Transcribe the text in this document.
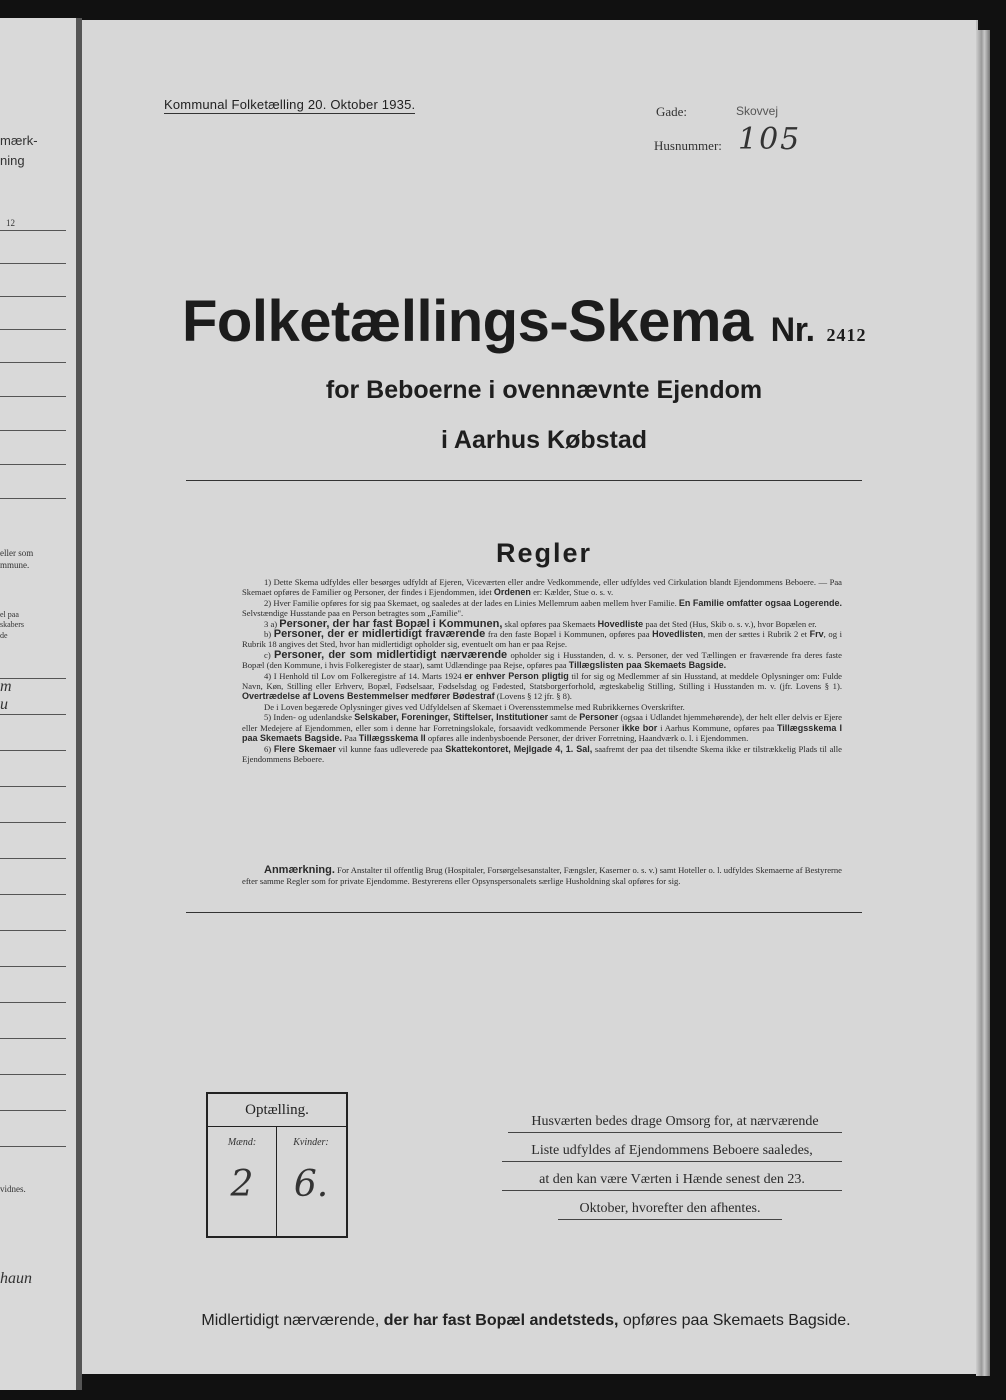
mærk-
ning
12
eller som
mmune.
el paa
skabers
de
m
u
vidnes.
haun
Kommunal Folketælling 20. Oktober 1935.	Gade:	Skovvej
Husnummer: 105
Folketællings-Skema Nr. 2412
for Beboerne i ovennævnte Ejendom
i Aarhus Købstad
Regler

1) Dette Skema udfyldes eller besørges udfyldt af Ejeren, Viceværten eller andre Vedkommende, eller udfyldes ved Cirkulation blandt Ejendommens Beboere. — Paa Skemaet opføres de Familier og Personer, der findes i Ejendommen, idet Ordenen er: Kælder, Stue o. s. v.

2) Hver Familie opføres for sig paa Skemaet, og saaledes at der lades en Linies Mellemrum aaben mellem hver Familie. En Familie omfatter ogsaa Logerende. Selvstændige Husstande paa en Person betragtes som „Familie".

3 a) Personer, der har fast Bopæl i Kommunen, skal opføres paa Skemaets Hovedliste paa det Sted (Hus, Skib o. s. v.), hvor Bopælen er.

b) Personer, der er midlertidigt fraværende fra den faste Bopæl i Kommunen, opføres paa Hovedlisten, men der sættes i Rubrik 2 et Frv, og i Rubrik 18 angives det Sted, hvor han midlertidigt opholder sig, eventuelt om han er paa Rejse.

c) Personer, der som midlertidigt nærværende opholder sig i Husstanden, d. v. s. Personer, der ved Tællingen er fraværende fra deres faste Bopæl (den Kommune, i hvis Folkeregister de staar), samt Udlændinge paa Rejse, opføres paa Tillægslisten paa Skemaets Bagside.

4) I Henhold til Lov om Folkeregistre af 14. Marts 1924 er enhver Person pligtig til for sig og Medlemmer af sin Husstand, at meddele Oplysninger om: Fulde Navn, Køn, Stilling eller Erhverv, Bopæl, Fødselsaar, Fødselsdag og Fødested, Statsborgerforhold, ægteskabelig Stilling, Stilling i Husstanden m. v. (jfr. Lovens § 1). Overtrædelse af Lovens Bestemmelser medfører Bødestraf (Lovens § 12 jfr. § 8).

De i Loven begærede Oplysninger gives ved Udfyldelsen af Skemaet i Overensstemmelse med Rubrikkernes Overskrifter.

5) Inden- og udenlandske Selskaber, Foreninger, Stiftelser, Institutioner samt de Personer (ogsaa i Udlandet hjemmehørende), der helt eller delvis er Ejere eller Medejere af Ejendommen, eller som i denne har Forretningslokale, forsaavidt vedkommende Personer ikke bor i Aarhus Kommune, opføres paa Tillægsskema I paa Skemaets Bagside. Paa Tillægsskema II opføres alle indenbysboende Personer, der driver Forretning, Haandværk o. l. i Ejendommen.

6) Flere Skemaer vil kunne faas udleverede paa Skattekontoret, Mejlgade 4, 1. Sal, saafremt der paa det tilsendte Skema ikke er tilstrækkelig Plads til alle Ejendommens Beboere.

Anmærkning. For Anstalter til offentlig Brug (Hospitaler, Forsørgelsesanstalter, Fængsler, Kaserner o. s. v.) samt Hoteller o. l. udfyldes Skemaerne af Bestyrerne efter samme Regler som for private Ejendomme. Bestyrerens eller Opsynspersonalets særlige Husholdning skal opføres for sig.

Optælling.
Mænd:
2
Kvinder:
6.
Husværten bedes drage Omsorg for, at nærværende
Liste udfyldes af Ejendommens Beboere saaledes,
at den kan være Værten i Hænde senest den 23.
Oktober, hvorefter den afhentes.
Midlertidigt nærværende, der har fast Bopæl andetsteds, opføres paa Skemaets Bagside.
